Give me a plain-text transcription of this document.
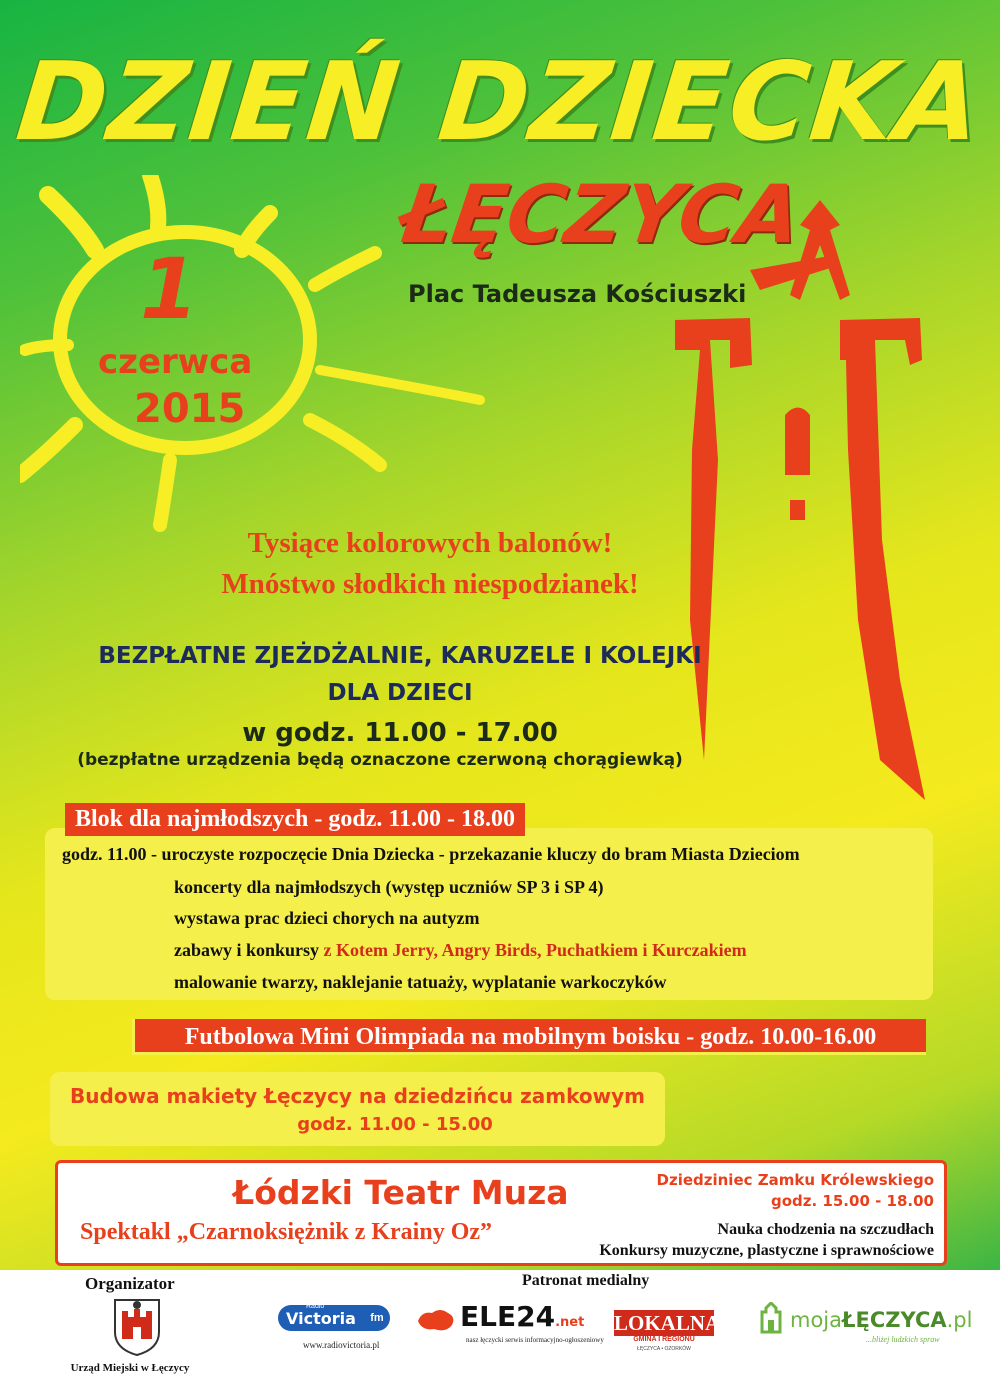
DZIEŃ DZIECKA
ŁĘCZYCA
Plac Tadeusza Kościuszki
1
czerwca
2015
Tysiące kolorowych balonów!
Mnóstwo słodkich niespodzianek!
BEZPŁATNE ZJEŻDŻALNIE, KARUZELE I KOLEJKI
DLA DZIECI
w godz. 11.00 - 17.00
(bezpłatne urządzenia będą oznaczone czerwoną chorągiewką)
Blok dla najmłodszych - godz. 11.00 - 18.00
godz. 11.00 - uroczyste rozpoczęcie Dnia Dziecka - przekazanie kluczy do bram Miasta Dzieciom
koncerty dla najmłodszych (występ uczniów SP 3 i SP 4)
wystawa prac dzieci chorych na autyzm
zabawy i konkursy z Kotem Jerry, Angry Birds, Puchatkiem i Kurczakiem
malowanie twarzy, naklejanie tatuaży, wyplatanie warkoczyków
Futbolowa Mini Olimpiada na mobilnym boisku - godz. 10.00-16.00
Budowa makiety Łęczycy na dziedzińcu zamkowym
godz. 11.00 - 15.00
Łódzki Teatr Muza
Spektakl „Czarnoksiężnik z Krainy Oz”
Dziedziniec Zamku Królewskiego
godz. 15.00 - 18.00
Nauka chodzenia na szczudłach
Konkursy muzyczne, plastyczne i sprawnościowe
Organizator
Urząd Miejski w Łęczycy
Patronat medialny
Radio
Victoria	fm
www.radiovictoria.pl
ELE24.net
nasz łęczycki serwis informacyjno-ogłoszeniowy
LOKALNA
GMINA I REGIONU
ŁĘCZYCA • OZORKÓW
mojaŁĘCZYCA.pl
...bliżej ludzkich spraw
